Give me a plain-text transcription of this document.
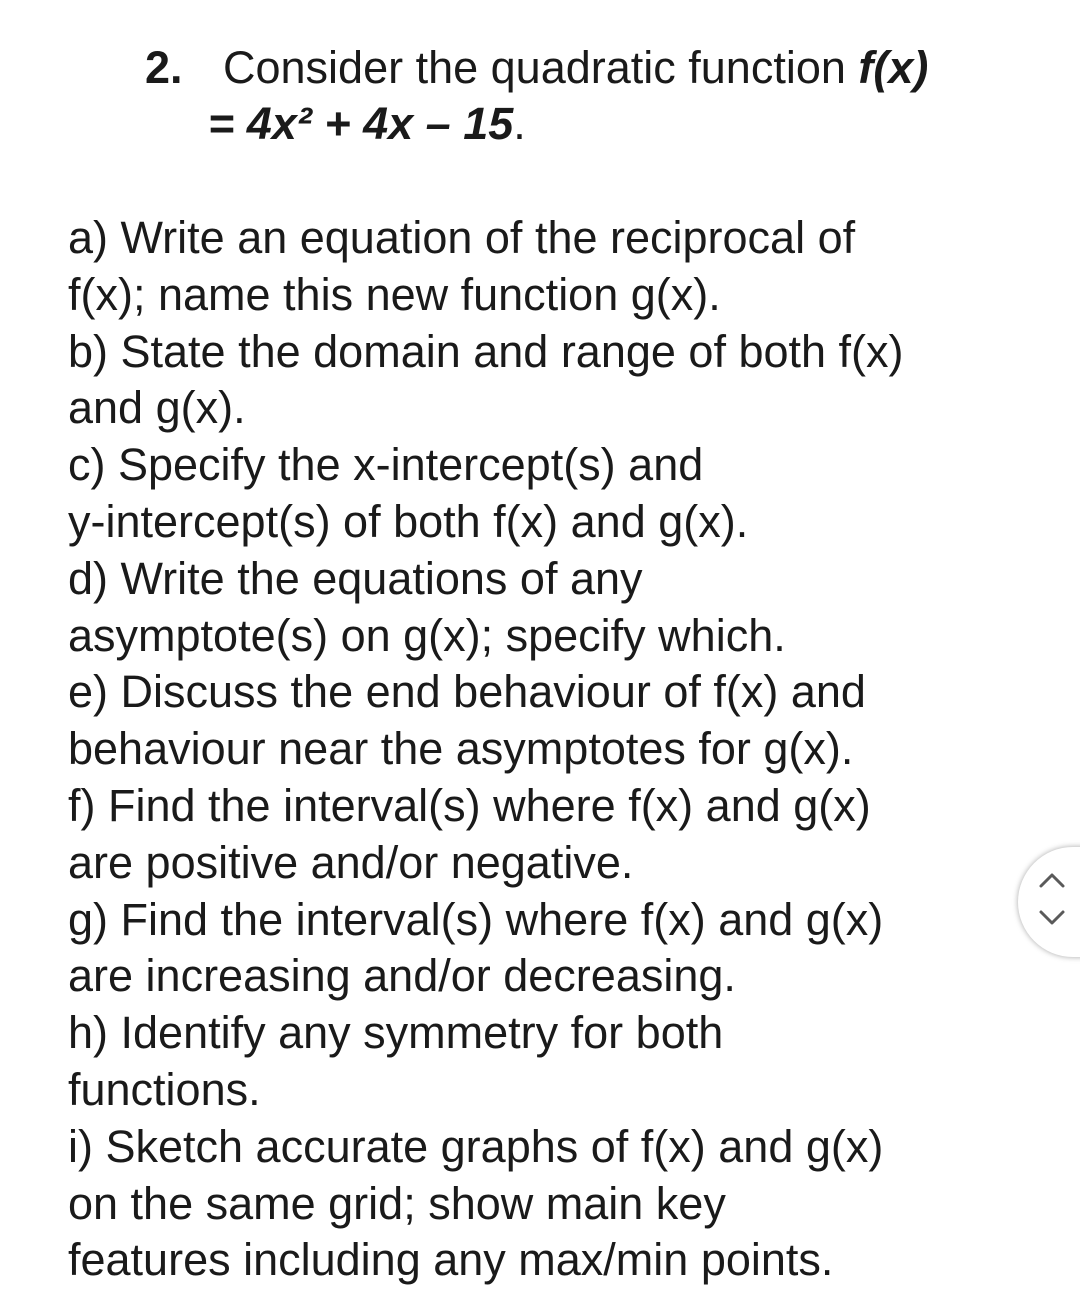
2. Consider the quadratic function f(x)
= 4x² + 4x – 15.
a) Write an equation of the reciprocal of
f(x); name this new function g(x).
b) State the domain and range of both f(x)
and g(x).
c) Specify the x-intercept(s) and
y-intercept(s) of both f(x) and g(x).
d) Write the equations of any
asymptote(s) on g(x); specify which.
e) Discuss the end behaviour of f(x) and
behaviour near the asymptotes for g(x).
f) Find the interval(s) where f(x) and g(x)
are positive and/or negative.
g) Find the interval(s) where f(x) and g(x)
are increasing and/or decreasing.
h) Identify any symmetry for both
functions.
i) Sketch accurate graphs of f(x) and g(x)
on the same grid; show main key
features including any max/min points.
